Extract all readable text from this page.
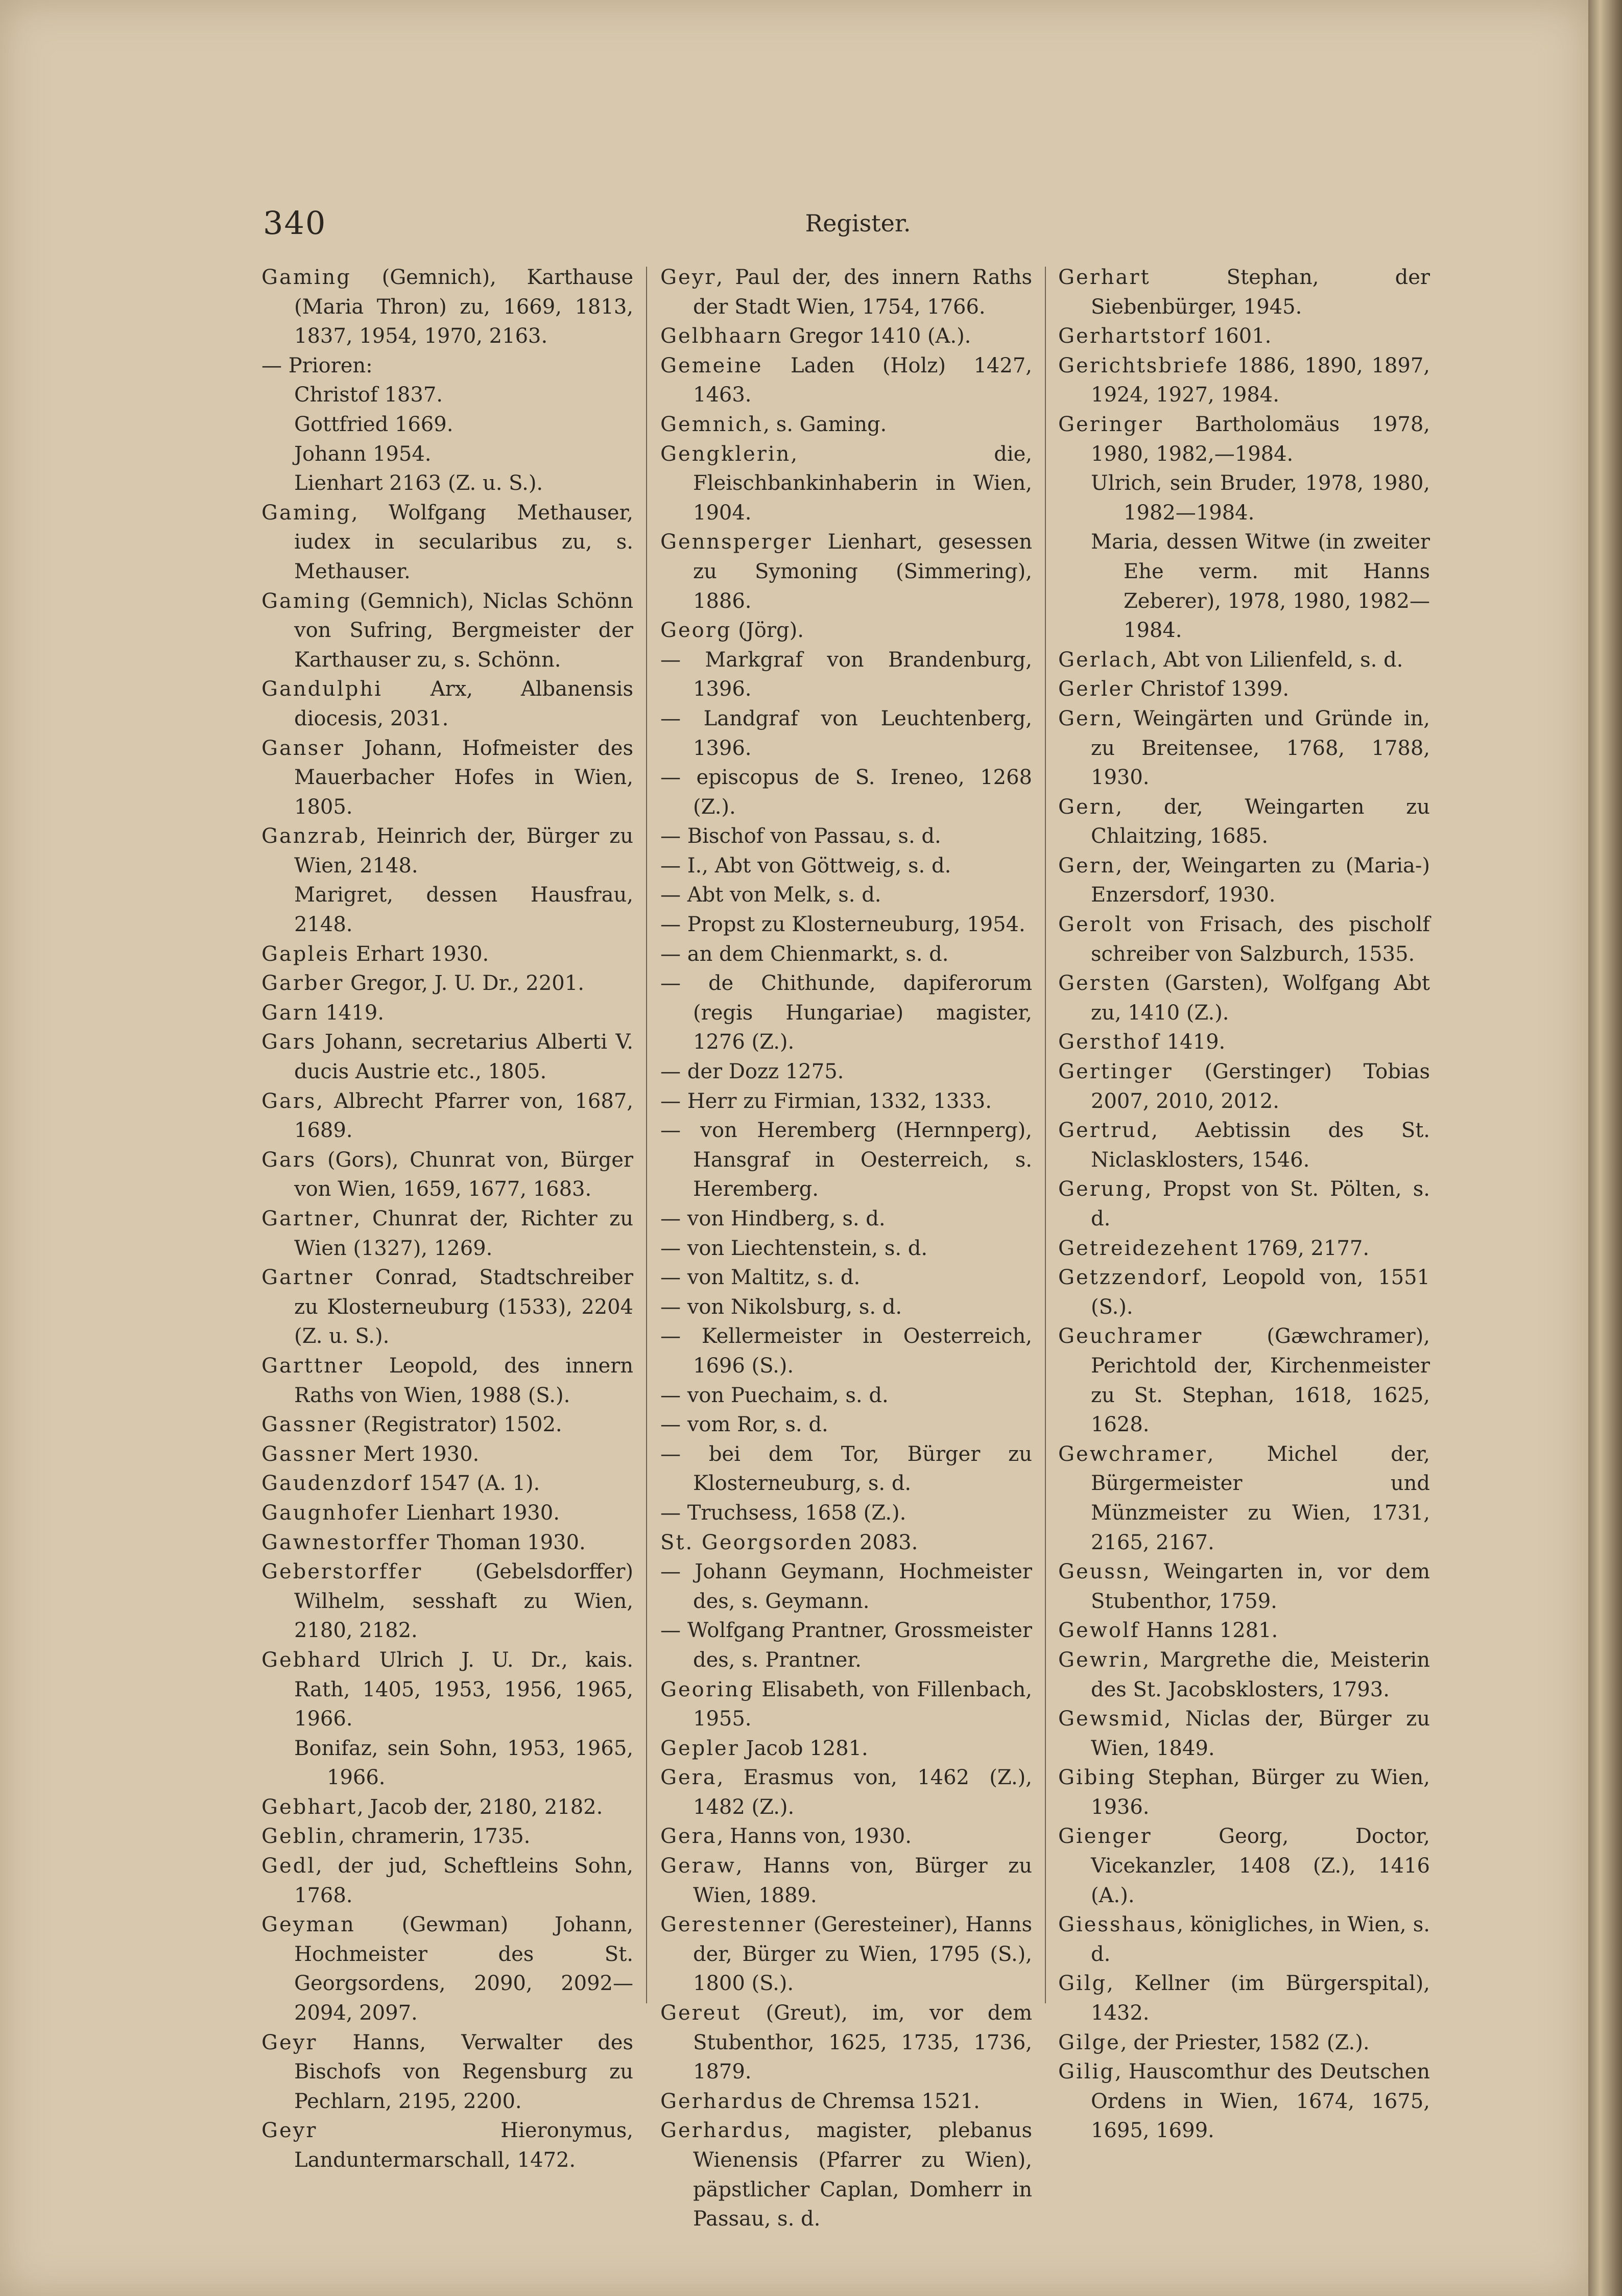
340	Register.

Gaming (Gemnich), Karthause (Maria Thron) zu, 1669, 1813, 1837, 1954, 1970, 2163.

— Prioren:

Christof 1837.

Gottfried 1669.

Johann 1954.

Lienhart 2163 (Z. u. S.).

Gaming, Wolfgang Methauser, iudex in secularibus zu, s. Methauser.

Gaming (Gemnich), Niclas Schönn von Sufring, Bergmeister der Karthauser zu, s. Schönn.

Gandulphi Arx, Albanensis diocesis, 2031.

Ganser Johann, Hofmeister des Mauerbacher Hofes in Wien, 1805.

Ganzrab, Heinrich der, Bürger zu Wien, 2148.

Marigret, dessen Hausfrau, 2148.

Gapleis Erhart 1930.

Garber Gregor, J. U. Dr., 2201.

Garn 1419.

Gars Johann, secretarius Alberti V. ducis Austrie etc., 1805.

Gars, Albrecht Pfarrer von, 1687, 1689.

Gars (Gors), Chunrat von, Bürger von Wien, 1659, 1677, 1683.

Gartner, Chunrat der, Richter zu Wien (1327), 1269.

Gartner Conrad, Stadtschreiber zu Klosterneuburg (1533), 2204 (Z. u. S.).

Garttner Leopold, des innern Raths von Wien, 1988 (S.).

Gassner (Registrator) 1502.

Gassner Mert 1930.

Gaudenzdorf 1547 (A. 1).

Gaugnhofer Lienhart 1930.

Gawnestorffer Thoman 1930.

Geberstorffer (Gebelsdorffer) Wilhelm, sesshaft zu Wien, 2180, 2182.

Gebhard Ulrich J. U. Dr., kais. Rath, 1405, 1953, 1956, 1965, 1966.

Bonifaz, sein Sohn, 1953, 1965, 1966.

Gebhart, Jacob der, 2180, 2182.

Geblin, chramerin, 1735.

Gedl, der jud, Scheftleins Sohn, 1768.

Geyman (Gewman) Johann, Hochmeister des St. Georgsordens, 2090, 2092—2094, 2097.

Geyr Hanns, Verwalter des Bischofs von Regensburg zu Pechlarn, 2195, 2200.

Geyr Hieronymus, Landuntermarschall, 1472.

Geyr, Paul der, des innern Raths der Stadt Wien, 1754, 1766.

Gelbhaarn Gregor 1410 (A.).

Gemeine Laden (Holz) 1427, 1463.

Gemnich, s. Gaming.

Gengklerin, die, Fleischbankinhaberin in Wien, 1904.

Gennsperger Lienhart, gesessen zu Symoning (Simmering), 1886.

Georg (Jörg).

— Markgraf von Brandenburg, 1396.

— Landgraf von Leuchtenberg, 1396.

— episcopus de S. Ireneo, 1268 (Z.).

— Bischof von Passau, s. d.

— I., Abt von Göttweig, s. d.

— Abt von Melk, s. d.

— Propst zu Klosterneuburg, 1954.

— an dem Chienmarkt, s. d.

— de Chithunde, dapiferorum (regis Hungariae) magister, 1276 (Z.).

— der Dozz 1275.

— Herr zu Firmian, 1332, 1333.

— von Heremberg (Hernnperg), Hansgraf in Oesterreich, s. Heremberg.

— von Hindberg, s. d.

— von Liechtenstein, s. d.

— von Maltitz, s. d.

— von Nikolsburg, s. d.

— Kellermeister in Oesterreich, 1696 (S.).

— von Puechaim, s. d.

— vom Ror, s. d.

— bei dem Tor, Bürger zu Klosterneuburg, s. d.

— Truchsess, 1658 (Z.).

St. Georgsorden 2083.

— Johann Geymann, Hochmeister des, s. Geymann.

— Wolfgang Prantner, Grossmeister des, s. Prantner.

Georing Elisabeth, von Fillenbach, 1955.

Gepler Jacob 1281.

Gera, Erasmus von, 1462 (Z.), 1482 (Z.).

Gera, Hanns von, 1930.

Geraw, Hanns von, Bürger zu Wien, 1889.

Gerestenner (Geresteiner), Hanns der, Bürger zu Wien, 1795 (S.), 1800 (S.).

Gereut (Greut), im, vor dem Stubenthor, 1625, 1735, 1736, 1879.

Gerhardus de Chremsa 1521.

Gerhardus, magister, plebanus Wienensis (Pfarrer zu Wien), päpstlicher Caplan, Domherr in Passau, s. d.

Gerhart Stephan, der Siebenbürger, 1945.

Gerhartstorf 1601.

Gerichtsbriefe 1886, 1890, 1897, 1924, 1927, 1984.

Geringer Bartholomäus 1978, 1980, 1982,—1984.

Ulrich, sein Bruder, 1978, 1980, 1982—1984.

Maria, dessen Witwe (in zweiter Ehe verm. mit Hanns Zeberer), 1978, 1980, 1982—1984.

Gerlach, Abt von Lilienfeld, s. d.

Gerler Christof 1399.

Gern, Weingärten und Gründe in, zu Breitensee, 1768, 1788, 1930.

Gern, der, Weingarten zu Chlaitzing, 1685.

Gern, der, Weingarten zu (Maria-) Enzersdorf, 1930.

Gerolt von Frisach, des pischolf schreiber von Salzburch, 1535.

Gersten (Garsten), Wolfgang Abt zu, 1410 (Z.).

Gersthof 1419.

Gertinger (Gerstinger) Tobias 2007, 2010, 2012.

Gertrud, Aebtissin des St. Niclasklosters, 1546.

Gerung, Propst von St. Pölten, s. d.

Getreidezehent 1769, 2177.

Getzzendorf, Leopold von, 1551 (S.).

Geuchramer (Gæwchramer), Perichtold der, Kirchenmeister zu St. Stephan, 1618, 1625, 1628.

Gewchramer, Michel der, Bürgermeister und Münzmeister zu Wien, 1731, 2165, 2167.

Geussn, Weingarten in, vor dem Stubenthor, 1759.

Gewolf Hanns 1281.

Gewrin, Margrethe die, Meisterin des St. Jacobsklosters, 1793.

Gewsmid, Niclas der, Bürger zu Wien, 1849.

Gibing Stephan, Bürger zu Wien, 1936.

Gienger Georg, Doctor, Vicekanzler, 1408 (Z.), 1416 (A.).

Giesshaus, königliches, in Wien, s. d.

Gilg, Kellner (im Bürgerspital), 1432.

Gilge, der Priester, 1582 (Z.).

Gilig, Hauscomthur des Deutschen Ordens in Wien, 1674, 1675, 1695, 1699.
